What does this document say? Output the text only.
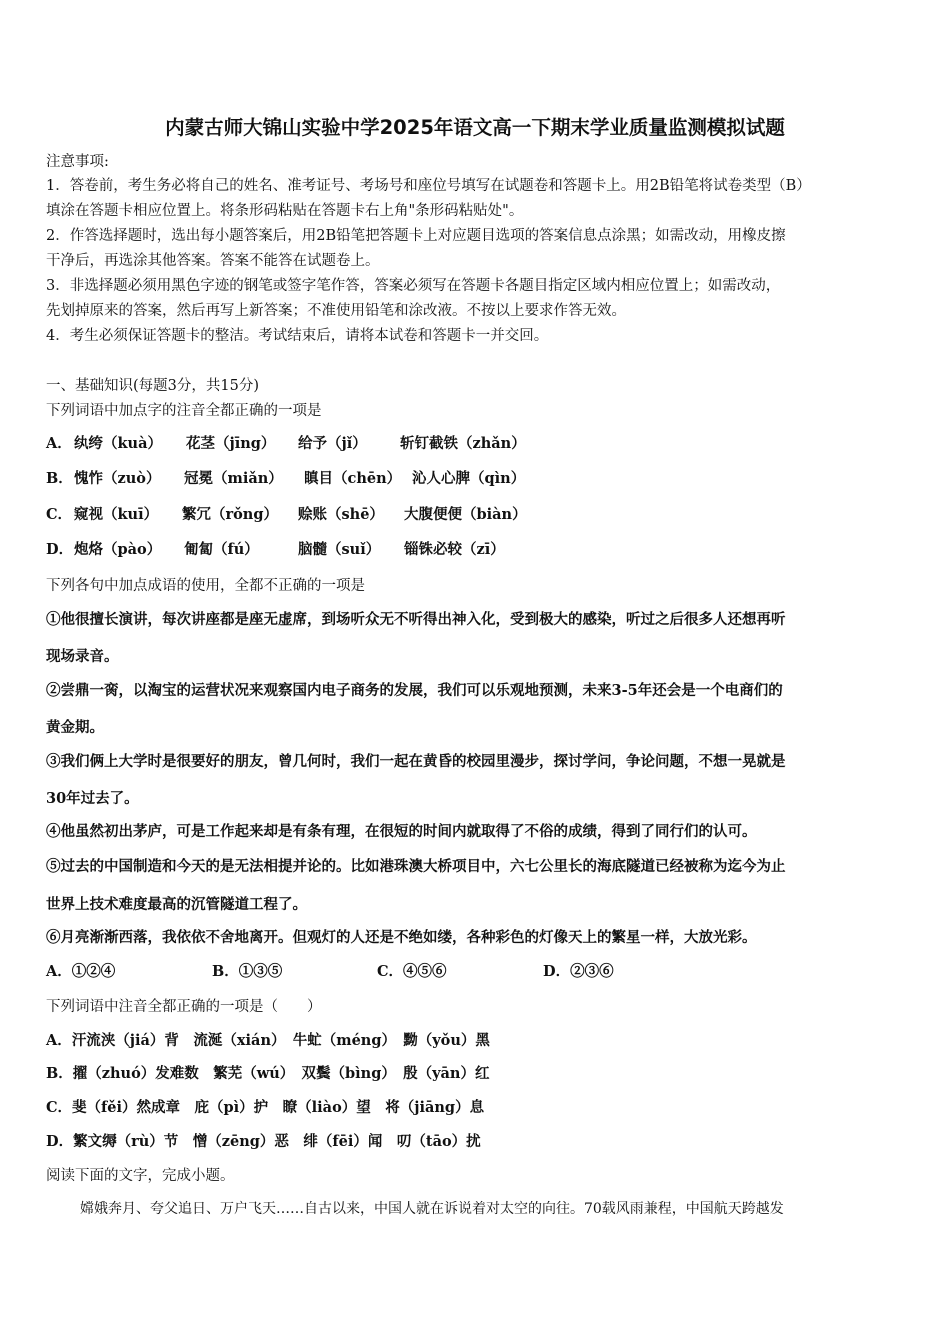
内蒙古师大锦山实验中学2025年语文高一下期末学业质量监测模拟试题
注意事项:
1．答卷前，考生务必将自己的姓名、准考证号、考场号和座位号填写在试题卷和答题卡上。用2B铅笔将试卷类型（B）
填涂在答题卡相应位置上。将条形码粘贴在答题卡右上角"条形码粘贴处"。
2．作答选择题时，选出每小题答案后，用2B铅笔把答题卡上对应题目选项的答案信息点涂黑；如需改动，用橡皮擦
干净后，再选涂其他答案。答案不能答在试题卷上。
3．非选择题必须用黑色字迹的钢笔或签字笔作答，答案必须写在答题卡各题目指定区域内相应位置上；如需改动，
先划掉原来的答案，然后再写上新答案；不准使用铅笔和涂改液。不按以上要求作答无效。
4．考生必须保证答题卡的整洁。考试结束后，请将本试卷和答题卡一并交回。
一、基础知识(每题3分，共15分)
下列词语中加点字的注音全都正确的一项是
A． 纨绔（kuà） 花茎（jīng） 给予（jǐ） 斩钉截铁（zhǎn）
B． 愧怍（zuò） 冠冕（miǎn） 瞋目（chēn） 沁人心脾（qìn）
C． 窥视（kuī） 繁冗（rǒng） 赊账（shē） 大腹便便（biàn）
D． 炮烙（pào） 匍匐（fú）	脑髓（suǐ） 锱铢必较（zī）
下列各句中加点成语的使用，全都不正确的一项是
①他很擅长演讲，每次讲座都是座无虚席，到场听众无不听得出神入化，受到极大的感染，听过之后很多人还想再听
现场录音。
②尝鼎一脔，以淘宝的运营状况来观察国内电子商务的发展，我们可以乐观地预测，未来3-5年还会是一个电商们的
黄金期。
③我们俩上大学时是很要好的朋友，曾几何时，我们一起在黄昏的校园里漫步，探讨学问，争论问题，不想一晃就是
30年过去了。
④他虽然初出茅庐，可是工作起来却是有条有理，在很短的时间内就取得了不俗的成绩，得到了同行们的认可。
⑤过去的中国制造和今天的是无法相提并论的。比如港珠澳大桥项目中，六七公里长的海底隧道已经被称为迄今为止
世界上技术难度最高的沉管隧道工程了。
⑥月亮渐渐西落，我依依不舍地离开。但观灯的人还是不绝如缕，各种彩色的灯像天上的繁星一样，大放光彩。
A．①②④	B．①③⑤	C．④⑤⑥	D．②③⑥
下列词语中注音全都正确的一项是（　　）
A．汗流浃（jiá）背　流涎（xián）　牛虻（méng）　黝（yǒu）黑
B．擢（zhuó）发难数　繁芜（wú）　双鬓（bìng）　殷（yān）红
C．斐（fěi）然成章　庇（pì）护　瞭（liào）望　将（jiāng）息
D．繁文缛（rù）节　憎（zēng）恶　绯（fēi）闻　叨（tāo）扰
阅读下面的文字，完成小题。
嫦娥奔月、夸父追日、万户飞天……自古以来，中国人就在诉说着对太空的向往。70载风雨兼程，中国航天跨越发
